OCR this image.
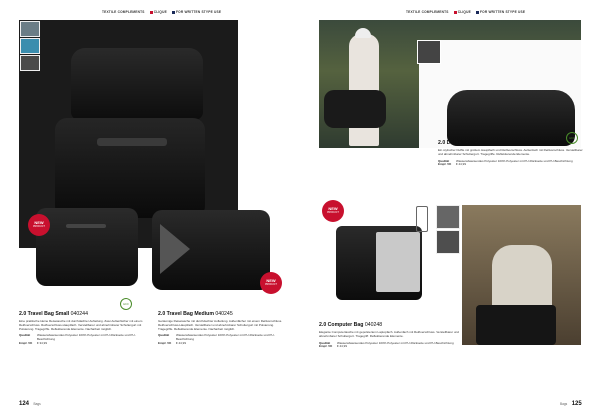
TEXTILE COMPLEMENTS	CLIQUE	FOR WRITTEN STYPE USE
NEW
PRODUCT
NEW
PRODUCT
ECO
2.0 Travel Bag Small 040244
Eine praktische kleine Reisetasche mit durchdachter Aufteilung. Zwei Außenfächer mit einem Reißverschluss. Reißverschluss-Hauptfach. Verstellbarer und abnehmbarer Schultergurt mit Polsterung. Tragegriffe. Reflektierende Elemente. Nacharbeit möglich.
Qualität	Wasserabweisendes Polyester 100% Polyester mit PU-Rückseite und PU-Beschichtung
Empf. VK	€ 34,99
2.0 Travel Bag Medium 040245
Geräumige Reisetasche mit durchdachter Aufteilung. Außenfächer mit einem Reißverschluss. Reißverschluss-Hauptfach. Verstellbarer und abnehmbarer Schultergurt mit Polsterung. Tragegriffe. Reflektierende Elemente. Nacharbeit möglich.
Qualität	Wasserabweisendes Polyester 100% Polyester mit PU-Rückseite und PU-Beschichtung
Empf. VK	€ 44,99
124 Bags
TEXTILE COMPLEMENTS	CLIQUE	FOR WRITTEN STYPE USE
ECO
2.0 Duffle 040246
Ein stylischer Duffle mit großem Hauptfach und Reißverschluss. Außenfach mit Reißverschluss. Verstellbarer und abnehmbarer Schultergurt. Tragegriffe. Reflektierende Elemente.
Qualität	Wasserabweisendes Polyester 100% Polyester mit PU-Rückseite und PU-Beschichtung
Empf. VK	€ 44,99
NEW
PRODUCT
2.0 Computer Bag 040248
Elegante Computertasche mit gepolstertem Laptopfach. Außenfach mit Reißverschluss. Verstellbarer und abnehmbarer Schultergurt. Tragegriff. Reflektierende Elemente.
Qualität	Wasserabweisendes Polyester 100% Polyester mit PU-Rückseite und PU-Beschichtung
Empf. VK	€ 44,99
Bags 125
